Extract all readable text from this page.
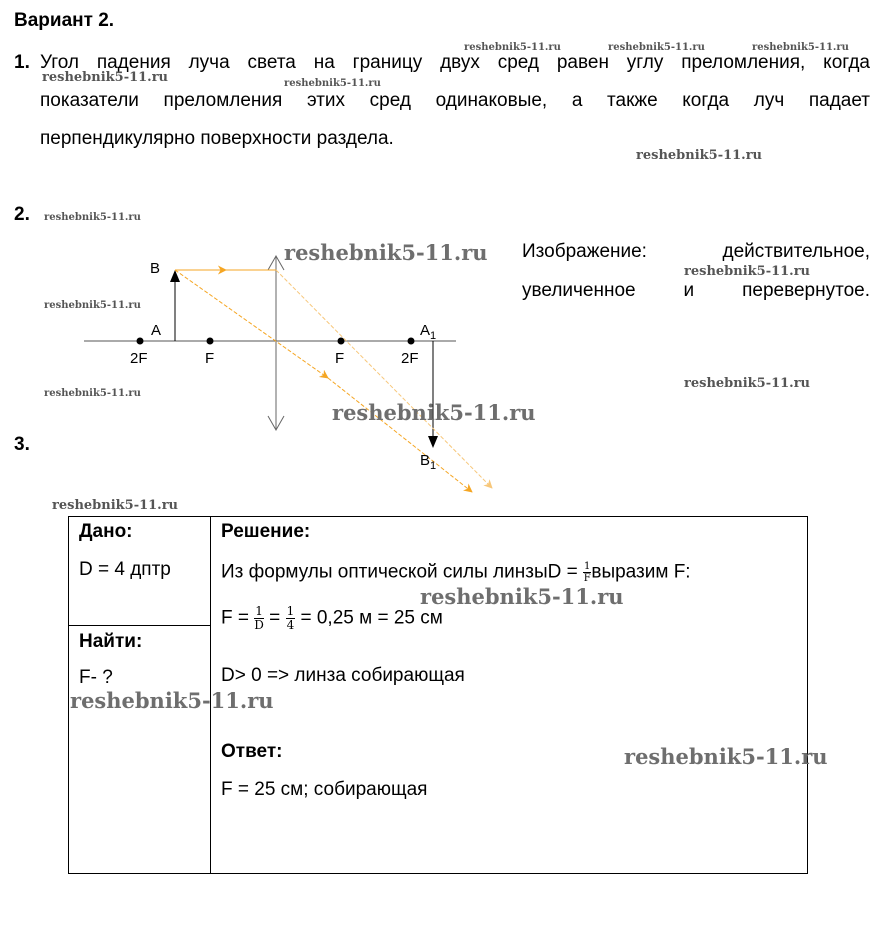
Вариант 2.
1. Угол падения луча света на границу двух сред равен углу преломления, когда
показатели преломления этих сред одинаковые, а также когда луч падает
перпендикулярно поверхности раздела.
2.
Изображение: действительное,
увеличенное и перевернутое.
B
A	$A_1$
$B_1$
2F	F	F	2F
3.
Дано:
D = 4 дптр
Найти:
F- ?
Решение:
Из формулы оптической силы линзыD = $\frac{1}{F}$ выразим F:
$F = \frac{1}{D} = \frac{1}{4} = 0,25$ м = 25 см
D> 0 => линза собирающая
Ответ:
F = 25 см; собирающая
reshebnik5-11.ru	reshebnik5-11.ru	reshebnik5-11.ru
reshebnik5-11.ru	reshebnik5-11.ru
reshebnik5-11.ru
reshebnik5-11.ru
reshebnik5-11.ru
reshebnik5-11.ru
reshebnik5-11.ru
reshebnik5-11.ru
reshebnik5-11.ru
reshebnik5-11.ru
reshebnik5-11.ru
reshebnik5-11.ru
reshebnik5-11.ru
reshebnik5-11.ru
